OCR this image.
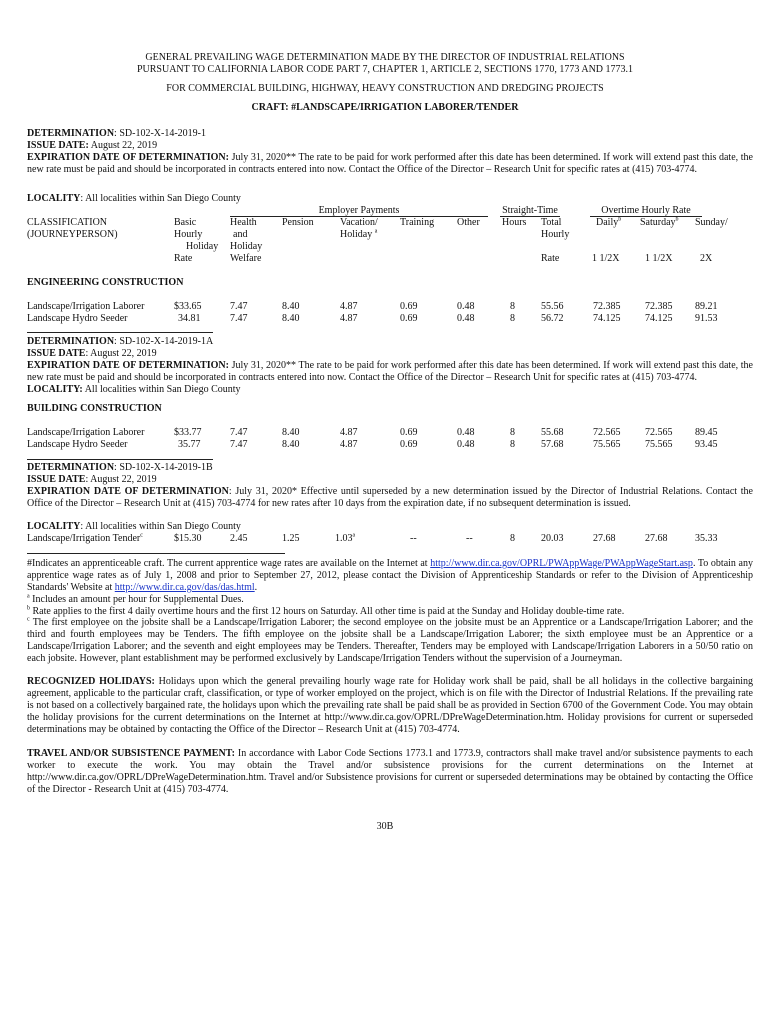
GENERAL PREVAILING WAGE DETERMINATION MADE BY THE DIRECTOR OF INDUSTRIAL RELATIONS
PURSUANT TO CALIFORNIA LABOR CODE PART 7, CHAPTER 1, ARTICLE 2, SECTIONS 1770, 1773 AND 1773.1
FOR COMMERCIAL BUILDING, HIGHWAY, HEAVY CONSTRUCTION AND DREDGING PROJECTS
CRAFT: #LANDSCAPE/IRRIGATION LABORER/TENDER
DETERMINATION: SD-102-X-14-2019-1
ISSUE DATE: August 22, 2019
EXPIRATION DATE OF DETERMINATION: July 31, 2020** The rate to be paid for work performed after this date has been determined. If work will extend past this date, the new rate must be paid and should be incorporated in contracts entered into now. Contact the Office of the Director – Research Unit for specific rates at (415) 703-4774.
LOCALITY: All localities within San Diego County
CLASSIFICATION
(JOURNEYPERSON)
Basic
Hourly
Holiday
Rate
Employer Payments
Health
and
Holiday
Welfare
Pension	Vacation/
Holiday $^a$
Training Other
Straight-Time
Hours Total
Hourly
Rate
Overtime Hourly Rate
Daily$^b$ Saturday$^b$ Sunday/
1 1/2X	1 1/2X	2X
ENGINEERING CONSTRUCTION
Landscape/Irrigation Laborer	$33.65	7.47	8.40	4.87	0.69	0.48	8	55.56	72.385 72.385 89.21
Landscape Hydro Seeder	34.81	7.47	8.40	4.87	0.69	0.48	8	56.72	74.125 74.125 91.53
DETERMINATION: SD-102-X-14-2019-1A
ISSUE DATE: August 22, 2019
EXPIRATION DATE OF DETERMINATION: July 31, 2020** The rate to be paid for work performed after this date has been determined. If work will extend past this date, the new rate must be paid and should be incorporated in contracts entered into now. Contact the Office of the Director – Research Unit for specific rates at (415) 703-4774.
LOCALITY: All localities within San Diego County
BUILDING CONSTRUCTION
Landscape/Irrigation Laborer	$33.77	7.47	8.40	4.87	0.69	0.48	8	55.68	72.565 72.565 89.45
Landscape Hydro Seeder	35.77	7.47	8.40	4.87	0.69	0.48	8	57.68	75.565 75.565 93.45
DETERMINATION: SD-102-X-14-2019-1B
ISSUE DATE: August 22, 2019
EXPIRATION DATE OF DETERMINATION: July 31, 2020* Effective until superseded by a new determination issued by the Director of Industrial Relations. Contact the Office of the Director – Research Unit at (415) 703-4774 for new rates after 10 days from the expiration date, if no subsequent determination is issued.
LOCALITY: All localities within San Diego County
Landscape/Irrigation Tender$^c$	$15.30	2.45	1.25	1.03$^a$	--	--	8	20.03	27.68	27.68	35.33
#Indicates an apprenticeable craft. The current apprentice wage rates are available on the Internet at http://www.dir.ca.gov/OPRL/PWAppWage/PWAppWageStart.asp. To obtain any apprentice wage rates as of July 1, 2008 and prior to September 27, 2012, please contact the Division of Apprenticeship Standards or refer to the Division of Apprenticeship Standards' Website at http://www.dir.ca.gov/das/das.html.
$^a$ Includes an amount per hour for Supplemental Dues.
$^b$ Rate applies to the first 4 daily overtime hours and the first 12 hours on Saturday. All other time is paid at the Sunday and Holiday double-time rate.
$^c$ The first employee on the jobsite shall be a Landscape/Irrigation Laborer; the second employee on the jobsite must be an Apprentice or a Landscape/Irrigation Laborer; and the third and fourth employees may be Tenders. The fifth employee on the jobsite shall be a Landscape/Irrigation Laborer; the sixth employee must be an Apprentice or a Landscape/Irrigation Laborer; and the seventh and eight employees may be Tenders. Thereafter, Tenders may be employed with Landscape/Irrigation Laborers in a 50/50 ratio on each jobsite. However, plant establishment may be performed exclusively by Landscape/Irrigation Tenders without the supervision of a Journeyman.
RECOGNIZED HOLIDAYS: Holidays upon which the general prevailing hourly wage rate for Holiday work shall be paid, shall be all holidays in the collective bargaining agreement, applicable to the particular craft, classification, or type of worker employed on the project, which is on file with the Director of Industrial Relations. If the prevailing rate is not based on a collectively bargained rate, the holidays upon which the prevailing rate shall be paid shall be as provided in Section 6700 of the Government Code. You may obtain the holiday provisions for the current determinations on the Internet at http://www.dir.ca.gov/OPRL/DPreWageDetermination.htm. Holiday provisions for current or superseded determinations may be obtained by contacting the Office of the Director – Research Unit at (415) 703-4774.
TRAVEL AND/OR SUBSISTENCE PAYMENT: In accordance with Labor Code Sections 1773.1 and 1773.9, contractors shall make travel and/or subsistence payments to each worker to execute the work. You may obtain the Travel and/or subsistence provisions for the current determinations on the Internet at http://www.dir.ca.gov/OPRL/DPreWageDetermination.htm. Travel and/or Subsistence provisions for current or superseded determinations may be obtained by contacting the Office of the Director - Research Unit at (415) 703-4774.
30B
